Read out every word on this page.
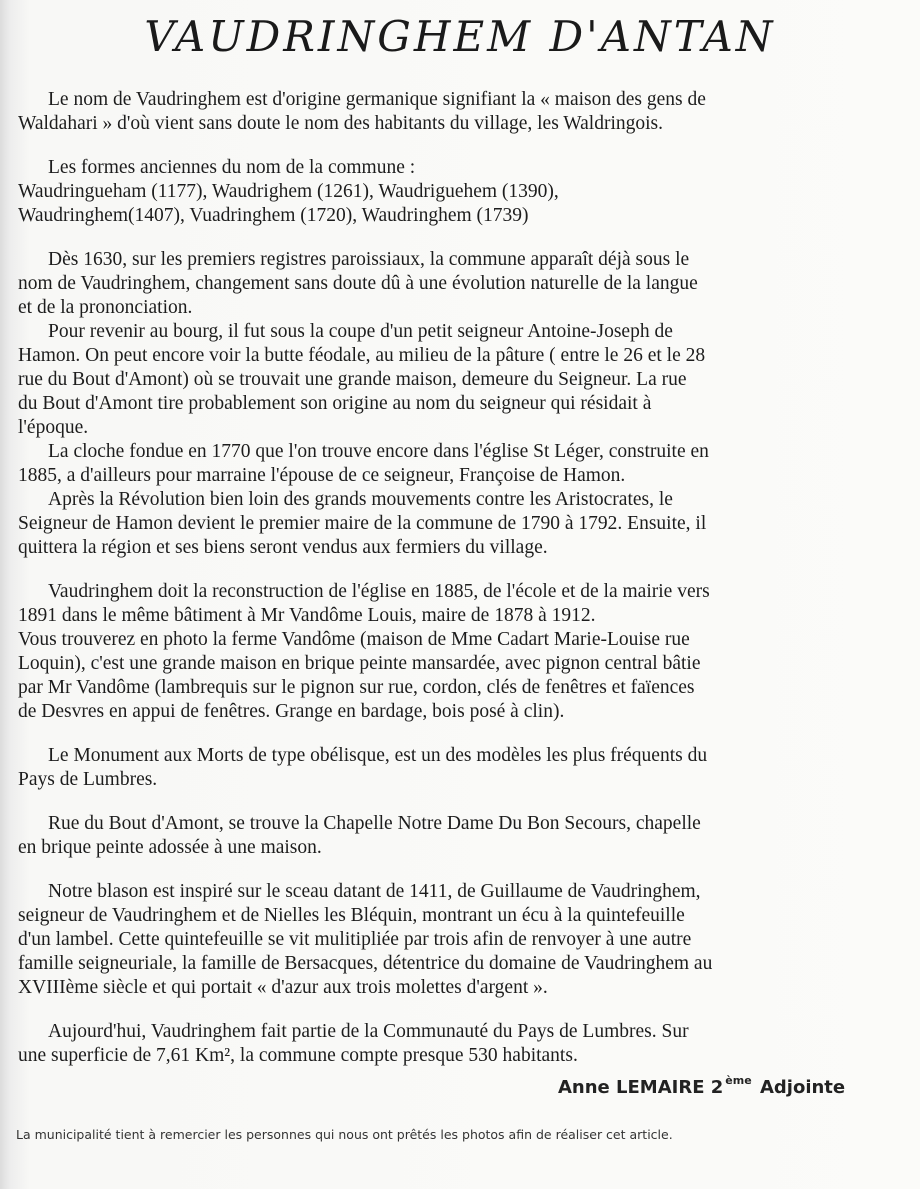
VAUDRINGHEM D'ANTAN
Le nom de Vaudringhem est d'origine germanique signifiant la « maison des gens de
Waldahari » d'où vient sans doute le nom des habitants du village, les Waldringois.
Les formes anciennes du nom de la commune :
Waudringueham (1177), Waudrighem (1261), Waudriguehem (1390),
Waudringhem(1407), Vuadringhem (1720), Waudringhem (1739)
Dès 1630, sur les premiers registres paroissiaux, la commune apparaît déjà sous le
nom de Vaudringhem, changement sans doute dû à une évolution naturelle de la langue
et de la prononciation.
Pour revenir au bourg, il fut sous la coupe d'un petit seigneur Antoine-Joseph de
Hamon. On peut encore voir la butte féodale, au milieu de la pâture ( entre le 26 et le 28
rue du Bout d'Amont) où se trouvait une grande maison, demeure du Seigneur. La rue
du Bout d'Amont tire probablement son origine au nom du seigneur qui résidait à
l'époque.
La cloche fondue en 1770 que l'on trouve encore dans l'église St Léger, construite en
1885, a d'ailleurs pour marraine l'épouse de ce seigneur, Françoise de Hamon.
Après la Révolution bien loin des grands mouvements contre les Aristocrates, le
Seigneur de Hamon devient le premier maire de la commune de 1790 à 1792. Ensuite, il
quittera la région et ses biens seront vendus aux fermiers du village.
Vaudringhem doit la reconstruction de l'église en 1885, de l'école et de la mairie vers
1891 dans le même bâtiment à Mr Vandôme Louis, maire de 1878 à 1912.
Vous trouverez en photo la ferme Vandôme (maison de Mme Cadart Marie-Louise rue
Loquin), c'est une grande maison en brique peinte mansardée, avec pignon central bâtie
par Mr Vandôme (lambrequis sur le pignon sur rue, cordon, clés de fenêtres et faïences
de Desvres en appui de fenêtres. Grange en bardage, bois posé à clin).
Le Monument aux Morts de type obélisque, est un des modèles les plus fréquents du
Pays de Lumbres.
Rue du Bout d'Amont, se trouve la Chapelle Notre Dame Du Bon Secours, chapelle
en brique peinte adossée à une maison.
Notre blason est inspiré sur le sceau datant de 1411, de Guillaume de Vaudringhem,
seigneur de Vaudringhem et de Nielles les Bléquin, montrant un écu à la quintefeuille
d'un lambel. Cette quintefeuille se vit mulitipliée par trois afin de renvoyer à une autre
famille seigneuriale, la famille de Bersacques, détentrice du domaine de Vaudringhem au
XVIIIème siècle et qui portait « d'azur aux trois molettes d'argent ».
Aujourd'hui, Vaudringhem fait partie de la Communauté du Pays de Lumbres. Sur
une superficie de 7,61 Km², la commune compte presque 530 habitants.
Anne LEMAIRE 2 $^{ème}$ Adjointe
La municipalité tient à remercier les personnes qui nous ont prêtés les photos afin de réaliser cet article.
